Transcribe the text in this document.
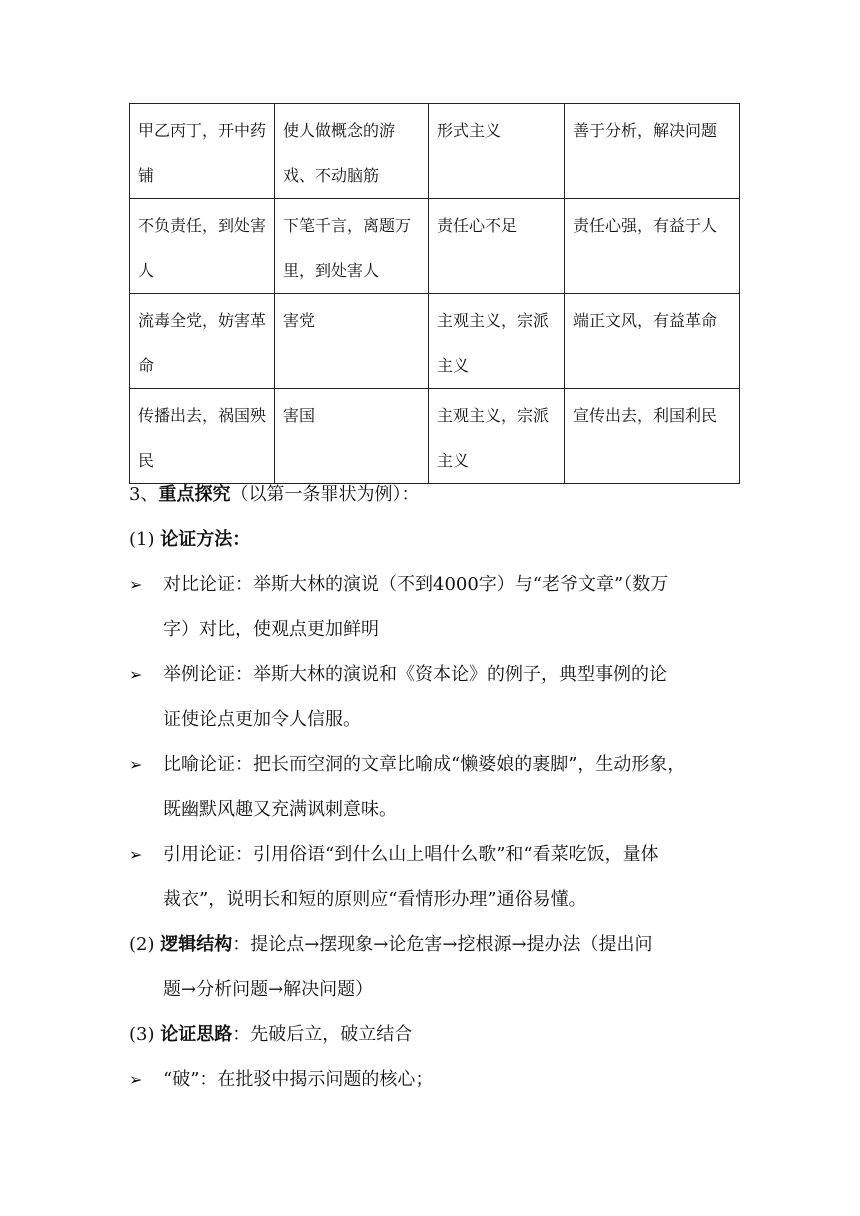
甲乙丙丁，开中药铺	使人做概念的游戏、不动脑筋	形式主义	善于分析，解决问题
不负责任，到处害人	下笔千言，离题万里，到处害人	责任心不足	责任心强，有益于人
流毒全党，妨害革命	害党	主观主义，宗派主义	端正文风，有益革命
传播出去，祸国殃民	害国	主观主义，宗派主义	宣传出去，利国利民
3、重点探究（以第一条罪状为例）：
(1) 论证方法：
➢ 对比论证：举斯大林的演说（不到4000字）与“老爷文章”（数万
字）对比，使观点更加鲜明
➢ 举例论证：举斯大林的演说和《资本论》的例子，典型事例的论
证使论点更加令人信服。
➢ 比喻论证：把长而空洞的文章比喻成“懒婆娘的裹脚”，生动形象，
既幽默风趣又充满讽刺意味。
➢ 引用论证：引用俗语“到什么山上唱什么歌”和“看菜吃饭，量体
裁衣”，说明长和短的原则应“看情形办理”通俗易懂。
(2) 逻辑结构：提论点→摆现象→论危害→挖根源→提办法（提出问
题→分析问题→解决问题）
(3) 论证思路：先破后立，破立结合
➢ “破”：在批驳中揭示问题的核心；
